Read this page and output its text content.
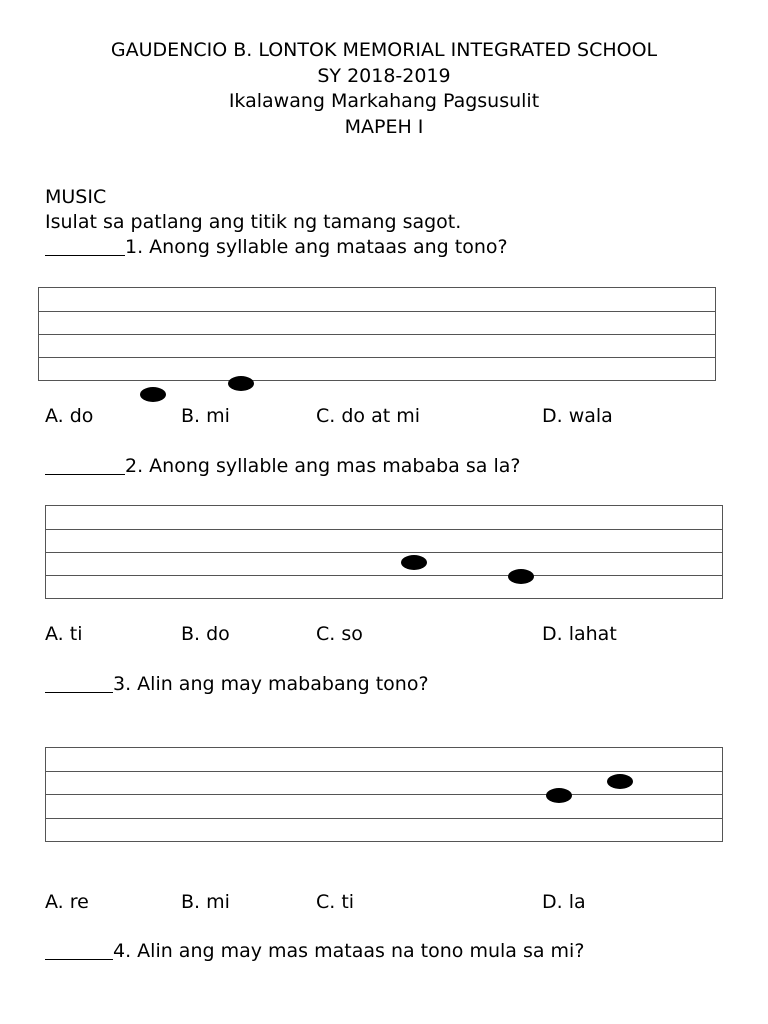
GAUDENCIO B. LONTOK MEMORIAL INTEGRATED SCHOOL
SY 2018-2019
Ikalawang Markahang Pagsusulit
MAPEH I
MUSIC
Isulat sa patlang ang titik ng tamang sagot.
1. Anong syllable ang mataas ang tono?
A. do	B. mi	C. do at mi	D. wala
2. Anong syllable ang mas mababa sa la?
A. ti	B. do	C. so	D. lahat
3. Alin ang may mababang tono?
A. re	B. mi	C. ti	D. la
4. Alin ang may mas mataas na tono mula sa mi?
